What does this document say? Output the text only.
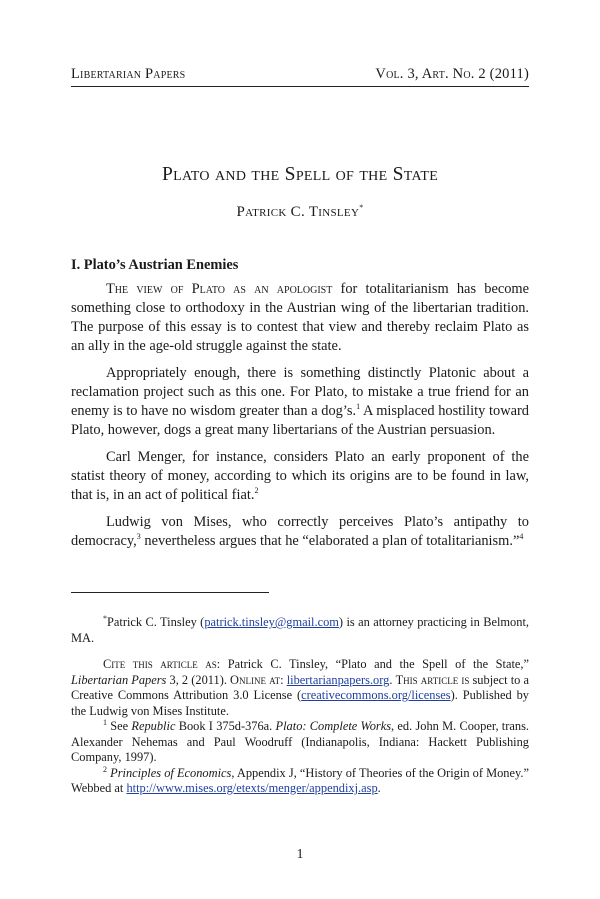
Libertarian Papers	Vol. 3, Art. No. 2 (2011)
Plato and the Spell of the State
Patrick C. Tinsley*
I. Plato’s Austrian Enemies

The view of Plato as an apologist for totalitarianism has become something close to orthodoxy in the Austrian wing of the libertarian tradition. The purpose of this essay is to contest that view and thereby reclaim Plato as an ally in the age-old struggle against the state.

Appropriately enough, there is something distinctly Platonic about a reclamation project such as this one. For Plato, to mistake a true friend for an enemy is to have no wisdom greater than a dog’s.$^1$ A misplaced hostility toward Plato, however, dogs a great many libertarians of the Austrian persuasion.

Carl Menger, for instance, considers Plato an early proponent of the statist theory of money, according to which its origins are to be found in law, that is, in an act of political fiat.$^2$

Ludwig von Mises, who correctly perceives Plato’s antipathy to democracy,$^3$ nevertheless argues that he “elaborated a plan of totalitarianism.”$^4$

*Patrick C. Tinsley (patrick.tinsley@gmail.com) is an attorney practicing in Belmont, MA.

Cite this article as: Patrick C. Tinsley, “Plato and the Spell of the State,” Libertarian Papers 3, 2 (2011). Online at: libertarianpapers.org. This article is subject to a Creative Commons Attribution 3.0 License (creativecommons.org/licenses). Published by the Ludwig von Mises Institute.

$^1$ See Republic Book I 375d-376a. Plato: Complete Works, ed. John M. Cooper, trans. Alexander Nehemas and Paul Woodruff (Indianapolis, Indiana: Hackett Publishing Company, 1997).

$^2$ Principles of Economics, Appendix J, “History of Theories of the Origin of Money.” Webbed at http://www.mises.org/etexts/menger/appendixj.asp.

1
